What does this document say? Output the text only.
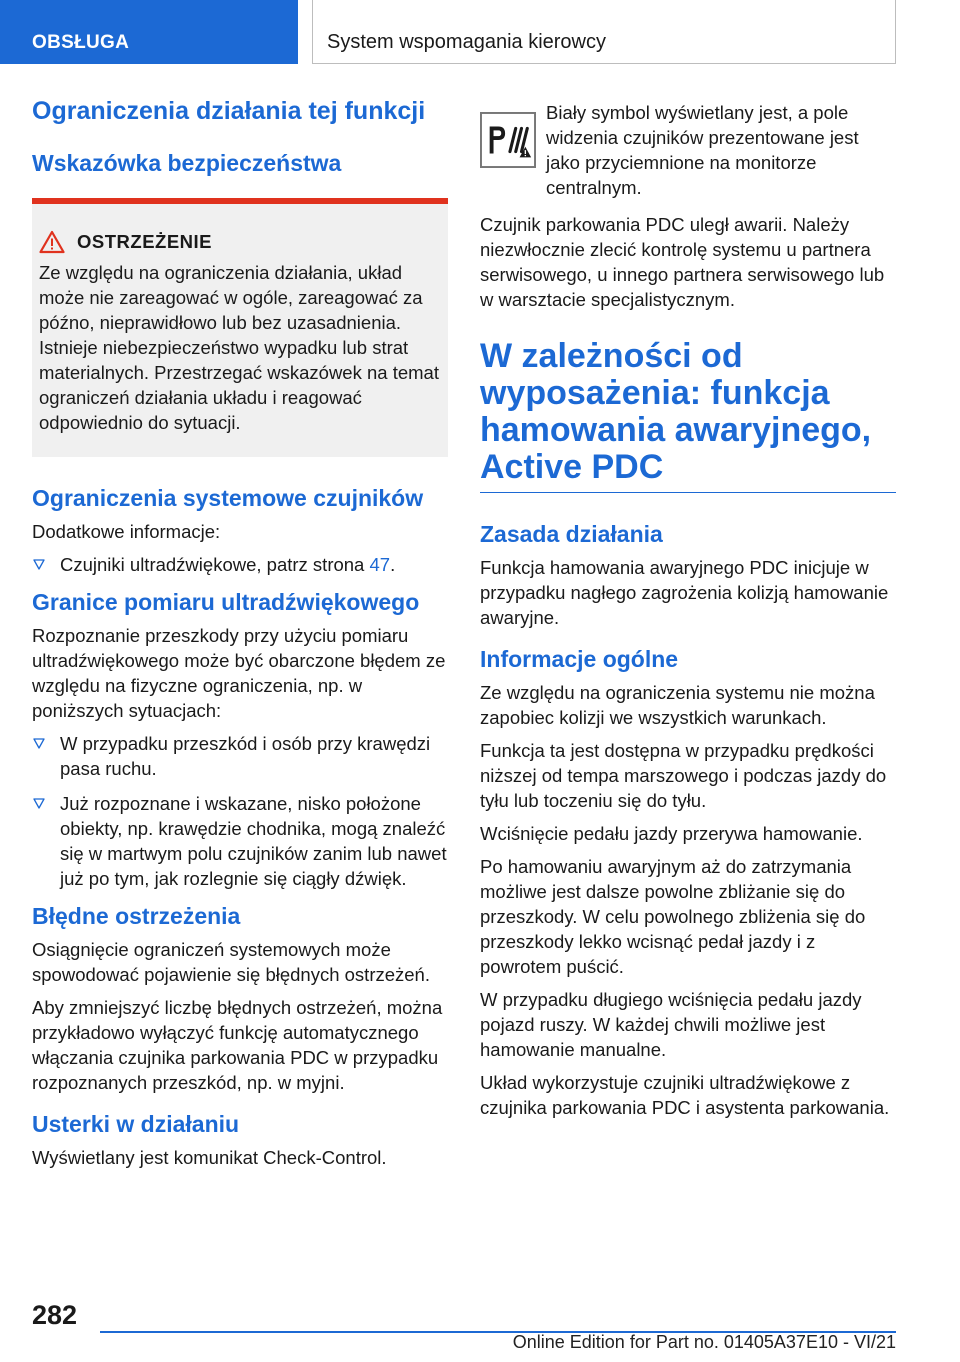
OBSŁUGA	System wspomagania kierowcy
Ograniczenia działania tej funkcji
Wskazówka bezpieczeństwa
OSTRZEŻENIE

Ze względu na ograniczenia działania, układ może nie zareagować w ogóle, zareagować za późno, nieprawidłowo lub bez uzasadnienia. Istnieje niebezpieczeństwo wypadku lub strat materialnych. Przestrzegać wskazówek na temat ograniczeń działania układu i reagować odpowiednio do sytuacji.

Ograniczenia systemowe czujników

Dodatkowe informacje:

Czujniki ultradźwiękowe, patrz strona 47.
Granice pomiaru ultradźwiękowego

Rozpoznanie przeszkody przy użyciu pomiaru ultradźwiękowego może być obarczone błędem ze względu na fizyczne ograniczenia, np. w poniższych sytuacjach:

W przypadku przeszkód i osób przy krawędzi pasa ruchu.
Już rozpoznane i wskazane, nisko położone obiekty, np. krawędzie chodnika, mogą znaleźć się w martwym polu czujników zanim lub nawet już po tym, jak rozlegnie się ciągły dźwięk.
Błędne ostrzeżenia

Osiągnięcie ograniczeń systemowych może spowodować pojawienie się błędnych ostrzeżeń.

Aby zmniejszyć liczbę błędnych ostrzeżeń, można przykładowo wyłączyć funkcję automatycznego włączania czujnika parkowania PDC w przypadku rozpoznanych przeszkód, np. w myjni.

Usterki w działaniu

Wyświetlany jest komunikat Check-Control.

Biały symbol wyświetlany jest, a pole widzenia czujników prezentowane jest jako przyciemnione na monitorze centralnym.

Czujnik parkowania PDC uległ awarii. Należy niezwłocznie zlecić kontrolę systemu u partnera serwisowego, u innego partnera serwisowego lub w warsztacie specjalistycznym.

W zależności od
wyposażenia: funkcja
hamowania awaryjnego,
Active PDC
Zasada działania

Funkcja hamowania awaryjnego PDC inicjuje w przypadku nagłego zagrożenia kolizją hamowanie awaryjne.

Informacje ogólne

Ze względu na ograniczenia systemu nie można zapobiec kolizji we wszystkich warunkach.

Funkcja ta jest dostępna w przypadku prędkości niższej od tempa marszowego i podczas jazdy do tyłu lub toczeniu się do tyłu.

Wciśnięcie pedału jazdy przerywa hamowanie.

Po hamowaniu awaryjnym aż do zatrzymania możliwe jest dalsze powolne zbliżanie się do przeszkody. W celu powolnego zbliżenia się do przeszkody lekko wcisnąć pedał jazdy i z powrotem puścić.

W przypadku długiego wciśnięcia pedału jazdy pojazd ruszy. W każdej chwili możliwe jest hamowanie manualne.

Układ wykorzystuje czujniki ultradźwiękowe z czujnika parkowania PDC i asystenta parkowania.

282
Online Edition for Part no. 01405A37E10 - VI/21
